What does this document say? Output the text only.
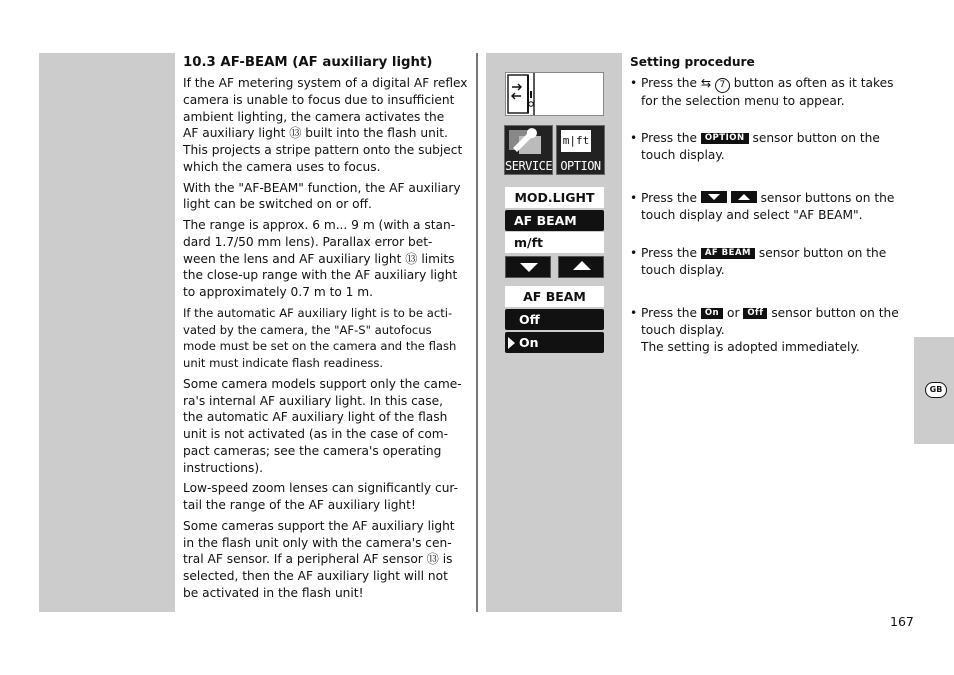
GB
10.3 AF-BEAM (AF auxiliary light)

If the AF metering system of a digital AF reflex
camera is unable to focus due to insufficient
ambient lighting, the camera activates the
AF auxiliary light ⑬ built into the flash unit.
This projects a stripe pattern onto the subject
which the camera uses to focus.

With the "AF-BEAM" function, the AF auxiliary
light can be switched on or off.

The range is approx. 6 m... 9 m (with a stan-
dard 1.7/50 mm lens). Parallax error bet-
ween the lens and AF auxiliary light ⑬ limits
the close-up range with the AF auxiliary light
to approximately 0.7 m to 1 m.

If the automatic AF auxiliary light is to be acti-
vated by the camera, the "AF-S" autofocus
mode must be set on the camera and the flash
unit must indicate flash readiness.

Some camera models support only the came-
ra's internal AF auxiliary light. In this case,
the automatic AF auxiliary light of the flash
unit is not activated (as in the case of com-
pact cameras; see the camera's operating
instructions).

Low-speed zoom lenses can significantly cur-
tail the range of the AF auxiliary light!

Some cameras support the AF auxiliary light
in the flash unit only with the camera's cen-
tral AF sensor. If a peripheral AF sensor ⑬ is
selected, then the AF auxiliary light will not
be activated in the flash unit!

SERVICE
m|ft
OPTION
MOD.LIGHT
AF BEAM
m/ft
AF BEAM
Off
On
Setting procedure
• Press the ⇆ 7 button as often as it takes
for the selection menu to appear.
• Press the OPTION sensor button on the
touch display.
• Press the
	sensor buttons on the
touch display and select "AF BEAM".
• Press the AF BEAM sensor button on the
touch display.
• Press the On or Off sensor button on the
touch display.
The setting is adopted immediately.
167
